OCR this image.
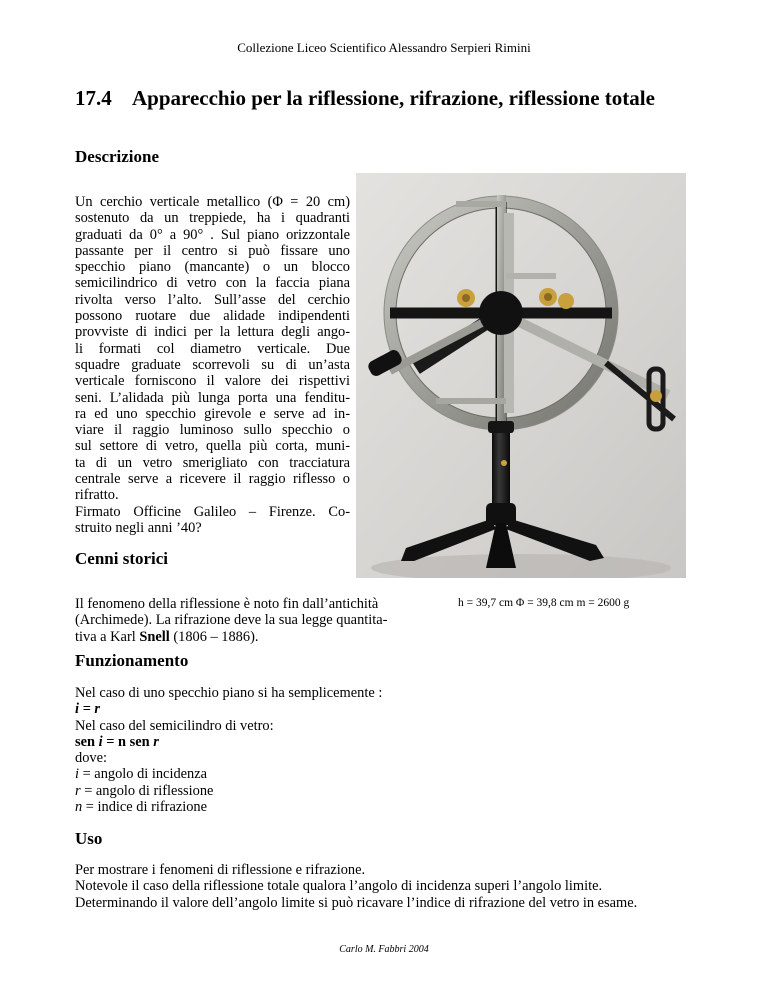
Collezione Liceo Scientifico Alessandro Serpieri Rimini
17.4 Apparecchio per la riflessione, rifrazione, riflessione totale
Descrizione
Un cerchio verticale metallico (Φ = 20 cm)
sostenuto da un treppiede, ha i quadranti
graduati da 0° a 90° . Sul piano orizzontale
passante per il centro si può fissare uno
specchio piano (mancante) o un blocco
semicilindrico di vetro con la faccia piana
rivolta verso l’alto. Sull’asse del cerchio
possono ruotare due alidade indipendenti
provviste di indici per la lettura degli ango-
li formati col diametro verticale. Due
squadre graduate scorrevoli su di un’asta
verticale forniscono il valore dei rispettivi
seni. L’alidada più lunga porta una fenditu-
ra ed uno specchio girevole e serve ad in-
viare il raggio luminoso sullo specchio o
sul settore di vetro, quella più corta, muni-
ta di un vetro smerigliato con tracciatura
centrale serve a ricevere il raggio riflesso o
rifratto.
Firmato Officine Galileo – Firenze. Co-
struito negli anni ’40?
Cenni storici
Il fenomeno della riflessione è noto fin dall’antichità
(Archimede). La rifrazione deve la sua legge quantita-
tiva a Karl Snell (1806 – 1886).
h = 39,7 cm Φ = 39,8 cm m = 2600 g
Funzionamento
Nel caso di uno specchio piano si ha semplicemente :
i = r
Nel caso del semicilindro di vetro:
sen i = n sen r
dove:
i = angolo di incidenza
r = angolo di riflessione
n = indice di rifrazione
Uso
Per mostrare i fenomeni di riflessione e rifrazione.
Notevole il caso della riflessione totale qualora l’angolo di incidenza superi l’angolo limite.
Determinando il valore dell’angolo limite si può ricavare l’indice di rifrazione del vetro in esame.
Carlo M. Fabbri 2004
